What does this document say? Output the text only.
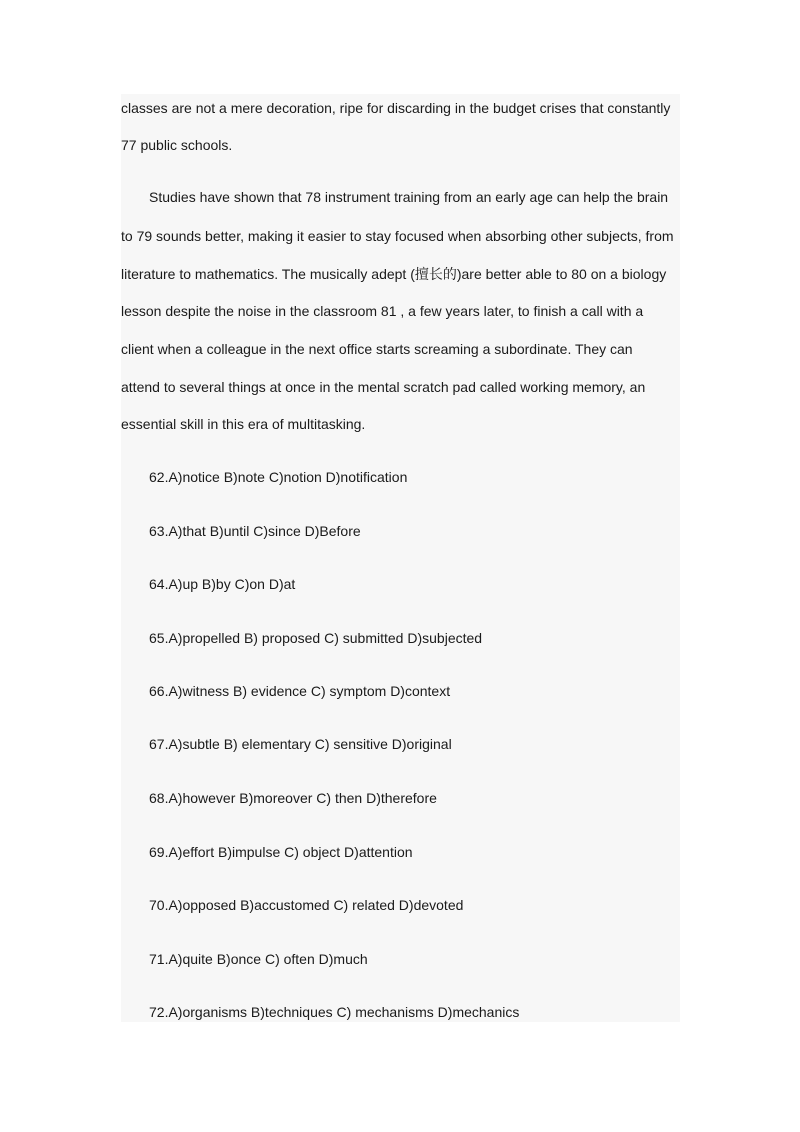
classes are not a mere decoration, ripe for discarding in the budget crises that constantly
77 public schools.
Studies have shown that 78 instrument training from an early age can help the brain
to 79 sounds better, making it easier to stay focused when absorbing other subjects, from
literature to mathematics. The musically adept (擅长的)are better able to 80 on a biology
lesson despite the noise in the classroom 81 , a few years later, to finish a call with a
client when a colleague in the next office starts screaming a subordinate. They can
attend to several things at once in the mental scratch pad called working memory, an
essential skill in this era of multitasking.
62.A)notice B)note C)notion D)notification
63.A)that B)until C)since D)Before
64.A)up B)by C)on D)at
65.A)propelled B) proposed C) submitted D)subjected
66.A)witness B) evidence C) symptom D)context
67.A)subtle B) elementary C) sensitive D)original
68.A)however B)moreover C) then D)therefore
69.A)effort B)impulse C) object D)attention
70.A)opposed B)accustomed C) related D)devoted
71.A)quite B)once C) often D)much
72.A)organisms B)techniques C) mechanisms D)mechanics
